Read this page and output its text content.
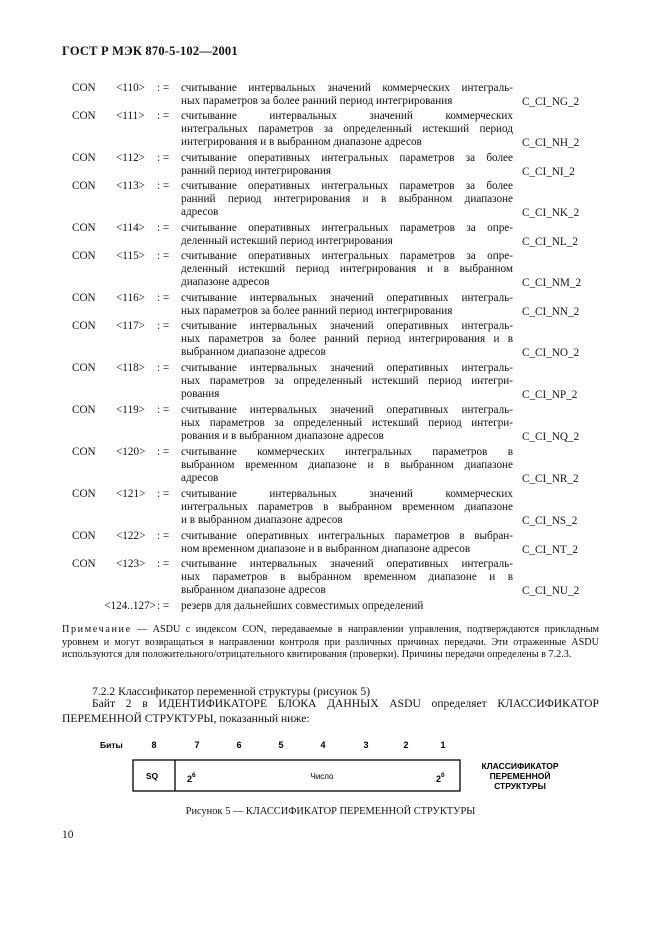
ГОСТ Р МЭК 870-5-102—2001
CON <110>	: = считывание интервальных значений коммерческих интеграль-
ных параметров за более ранний период интегрирования	C_CI_NG_2
CON <111>	: = считывание интервальных значений коммерческих
интегральных параметров за определенный истекший период
интегрирования и в выбранном диапазоне адресов	C_CI_NH_2
CON <112>	: = считывание оперативных интегральных параметров за более
ранний период интегрирования	C_CI_NI_2
CON <113>	: = считывание оперативных интегральных параметров за более
ранний период интегрирования и в выбранном диапазоне
адресов	C_CI_NK_2
CON <114>	: = считывание оперативных интегральных параметров за опре-
деленный истекший период интегрирования	C_CI_NL_2
CON <115>	: = считывание оперативных интегральных параметров за опре-
деленный истекший период интегрирования и в выбранном
диапазоне адресов	C_CI_NM_2
CON <116>	: = считывание интервальных значений оперативных интеграль-
ных параметров за более ранний период интегрирования	C_CI_NN_2
CON <117>	: = считывание интервальных значений оперативных интеграль-
ных параметров за более ранний период интегрирования и в
выбранном диапазоне адресов	C_CI_NO_2
CON <118>	: = считывание интервальных значений оперативных интеграль-
ных параметров за определенный истекший период интегри-
рования	C_CI_NP_2
CON <119>	: = считывание интервальных значений оперативных интеграль-
ных параметров за определенный истекший период интегри-
рования и в выбранном диапазоне адресов	C_CI_NQ_2
CON <120>	: = считывание коммерческих интегральных параметров в
выбранном временном диапазоне и в выбранном диапазоне
адресов	C_CI_NR_2
CON <121>	: = считывание интервальных значений коммерческих
интегральных параметров в выбранном временном диапазоне
и в выбранном диапазоне адресов	C_CI_NS_2
CON <122>	: = считывание оперативных интегральных параметров в выбран-
ном временном диапазоне и в выбранном диапазоне адресов	C_CI_NT_2
CON <123>	: = считывание интервальных значений оперативных интеграль-
ных параметров в выбранном временном диапазоне и в
выбранном диапазоне адресов	C_CI_NU_2
<124..127> : = резерв для дальнейших совместимых определений
Примечание — ASDU с индексом CON, передаваемые в направлении управления, подтверждаются прикладным уровнем и могут возвращаться в направлении контроля при различных причинах передачи. Эти отраженные ASDU используются для положительного/отрицательного квитирования (проверки). Причины передачи определены в 7.2.3.
7.2.2 Классификатор переменной структуры (рисунок 5)
Байт 2 в ИДЕНТИФИКАТОРЕ БЛОКА ДАННЫХ ASDU определяет КЛАССИФИКАТОР ПЕРЕМЕННОЙ СТРУКТУРЫ, показанный ниже:
Биты	8	7	6	5	4	3	2	1
SQ	$2^6$	Число	$2^0$
КЛАССИФИКАТОР
ПЕРЕМЕННОЙ
СТРУКТУРЫ
Рисунок 5 — КЛАССИФИКАТОР ПЕРЕМЕННОЙ СТРУКТУРЫ
10
